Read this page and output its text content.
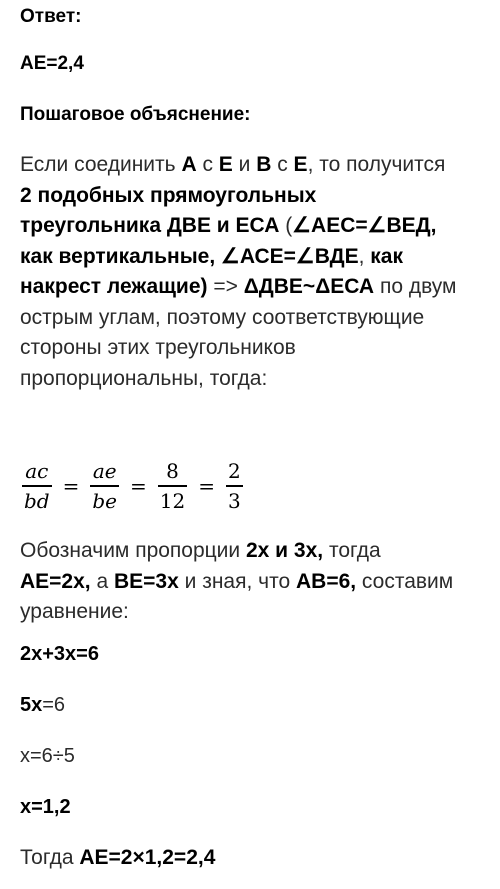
Ответ:

АЕ=2,4

Пошаговое объяснение:

Если соединить А с Е и В с Е, то получится
2 подобных прямоугольных
треугольника ДВЕ и ЕСА (∠АЕС=∠ВЕД,
как вертикальные, ∠АСЕ=∠ВДЕ, как
накрест лежащие) => ΔДВЕ~ΔЕСА по двум
острым углам, поэтому соответствующие
стороны этих треугольников
пропорциональны, тогда:
$\frac{ac}{bd} = \frac{ae}{be} = \frac{8}{12} = \frac{2}{3}$
Обозначим пропорции 2х и 3х, тогда
АЕ=2х, а ВЕ=3х и зная, что АВ=6, составим
уравнение:

2х+3х=6

5х=6

х=6÷5

х=1,2

Тогда АЕ=2×1,2=2,4
